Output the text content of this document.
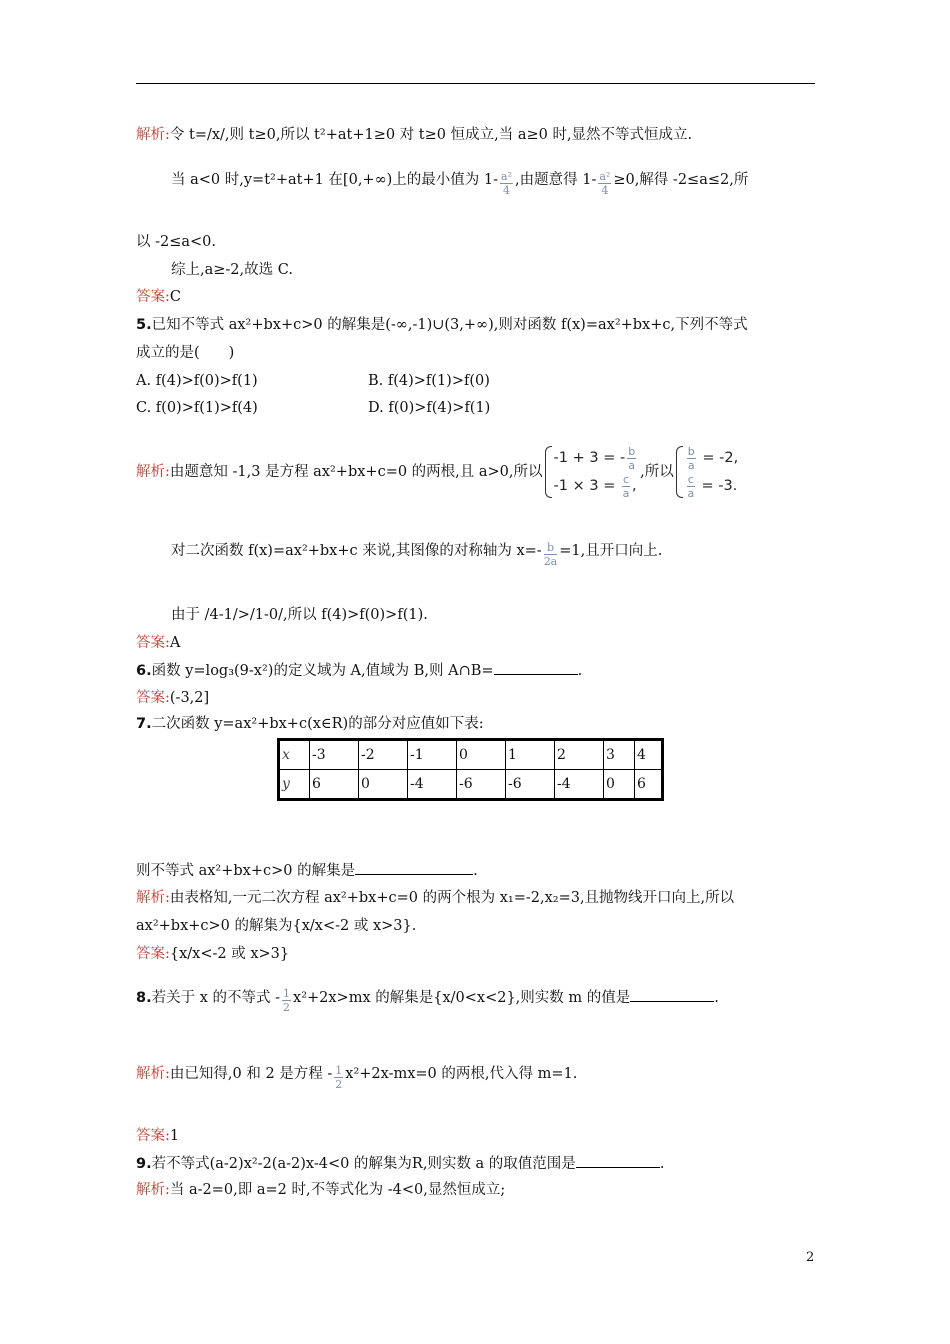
解析:令 t=/x/,则 t≥0,所以 t²+at+1≥0 对 t≥0 恒成立,当 a≥0 时,显然不等式恒成立.
当 a<0 时,y=t²+at+1 在[0,+∞)上的最小值为 $1- \frac{\text{a²}}{4}$ ,由题意得 $1- \frac{\text{a²}}{4} \ge 0$,解得 -2≤a≤2,所
以 -2≤a<0.
综上,a≥-2,故选 C.
答案:C
5.已知不等式 ax²+bx+c>0 的解集是(-∞,-1)∪(3,+∞),则对函数 f(x)=ax²+bx+c,下列不等式
成立的是(　　)
A. f(4)>f(0)>f(1)	B. f(4)>f(1)>f(0)
C. f(0)>f(1)>f(4)	D. f(0)>f(4)>f(1)
解析:由题意知 -1,3 是方程 ax²+bx+c=0 的两根,且 a>0,所以
-1 + 3 = - $\frac{b}{a}$
$-1 \times 3 = \frac{c}{a}$ ,
,所以
$\frac{b}{a} = -2$,
$\frac{c}{a} = -3$.
对二次函数 f(x)=ax²+bx+c 来说,其图像的对称轴为 $x=- \frac{b}{2a} =1$,且开口向上.
由于 /4-1/>/1-0/,所以 f(4)>f(0)>f(1).
答案:A
6.函数 y=log₃(9-x²)的定义域为 A,值域为 B,则 A∩B=	.
答案:(-3,2]
7.二次函数 y=ax²+bx+c(x∈R)的部分对应值如下表:
x	-3	-2	-1	0	1	2	3	4
y	6	0	-4	-6	-6	-4	0	6
则不等式 ax²+bx+c>0 的解集是	.
解析:由表格知,一元二次方程 ax²+bx+c=0 的两个根为 x₁=-2,x₂=3,且抛物线开口向上,所以
ax²+bx+c>0 的解集为{x/x<-2 或 x>3}.
答案:{x/x<-2 或 x>3}
8.若关于 x 的不等式 - $\frac{1}{2} x^2+2x>mx$ 的解集是{x/0<x<2},则实数 m 的值是	.
解析:由已知得,0 和 2 是方程 - $\frac{1}{2} x^2+2x-mx=0$ 的两根,代入得 m=1.
答案:1
9.若不等式(a-2)x²-2(a-2)x-4<0 的解集为R,则实数 a 的取值范围是	.
解析:当 a-2=0,即 a=2 时,不等式化为 -4<0,显然恒成立;
2
